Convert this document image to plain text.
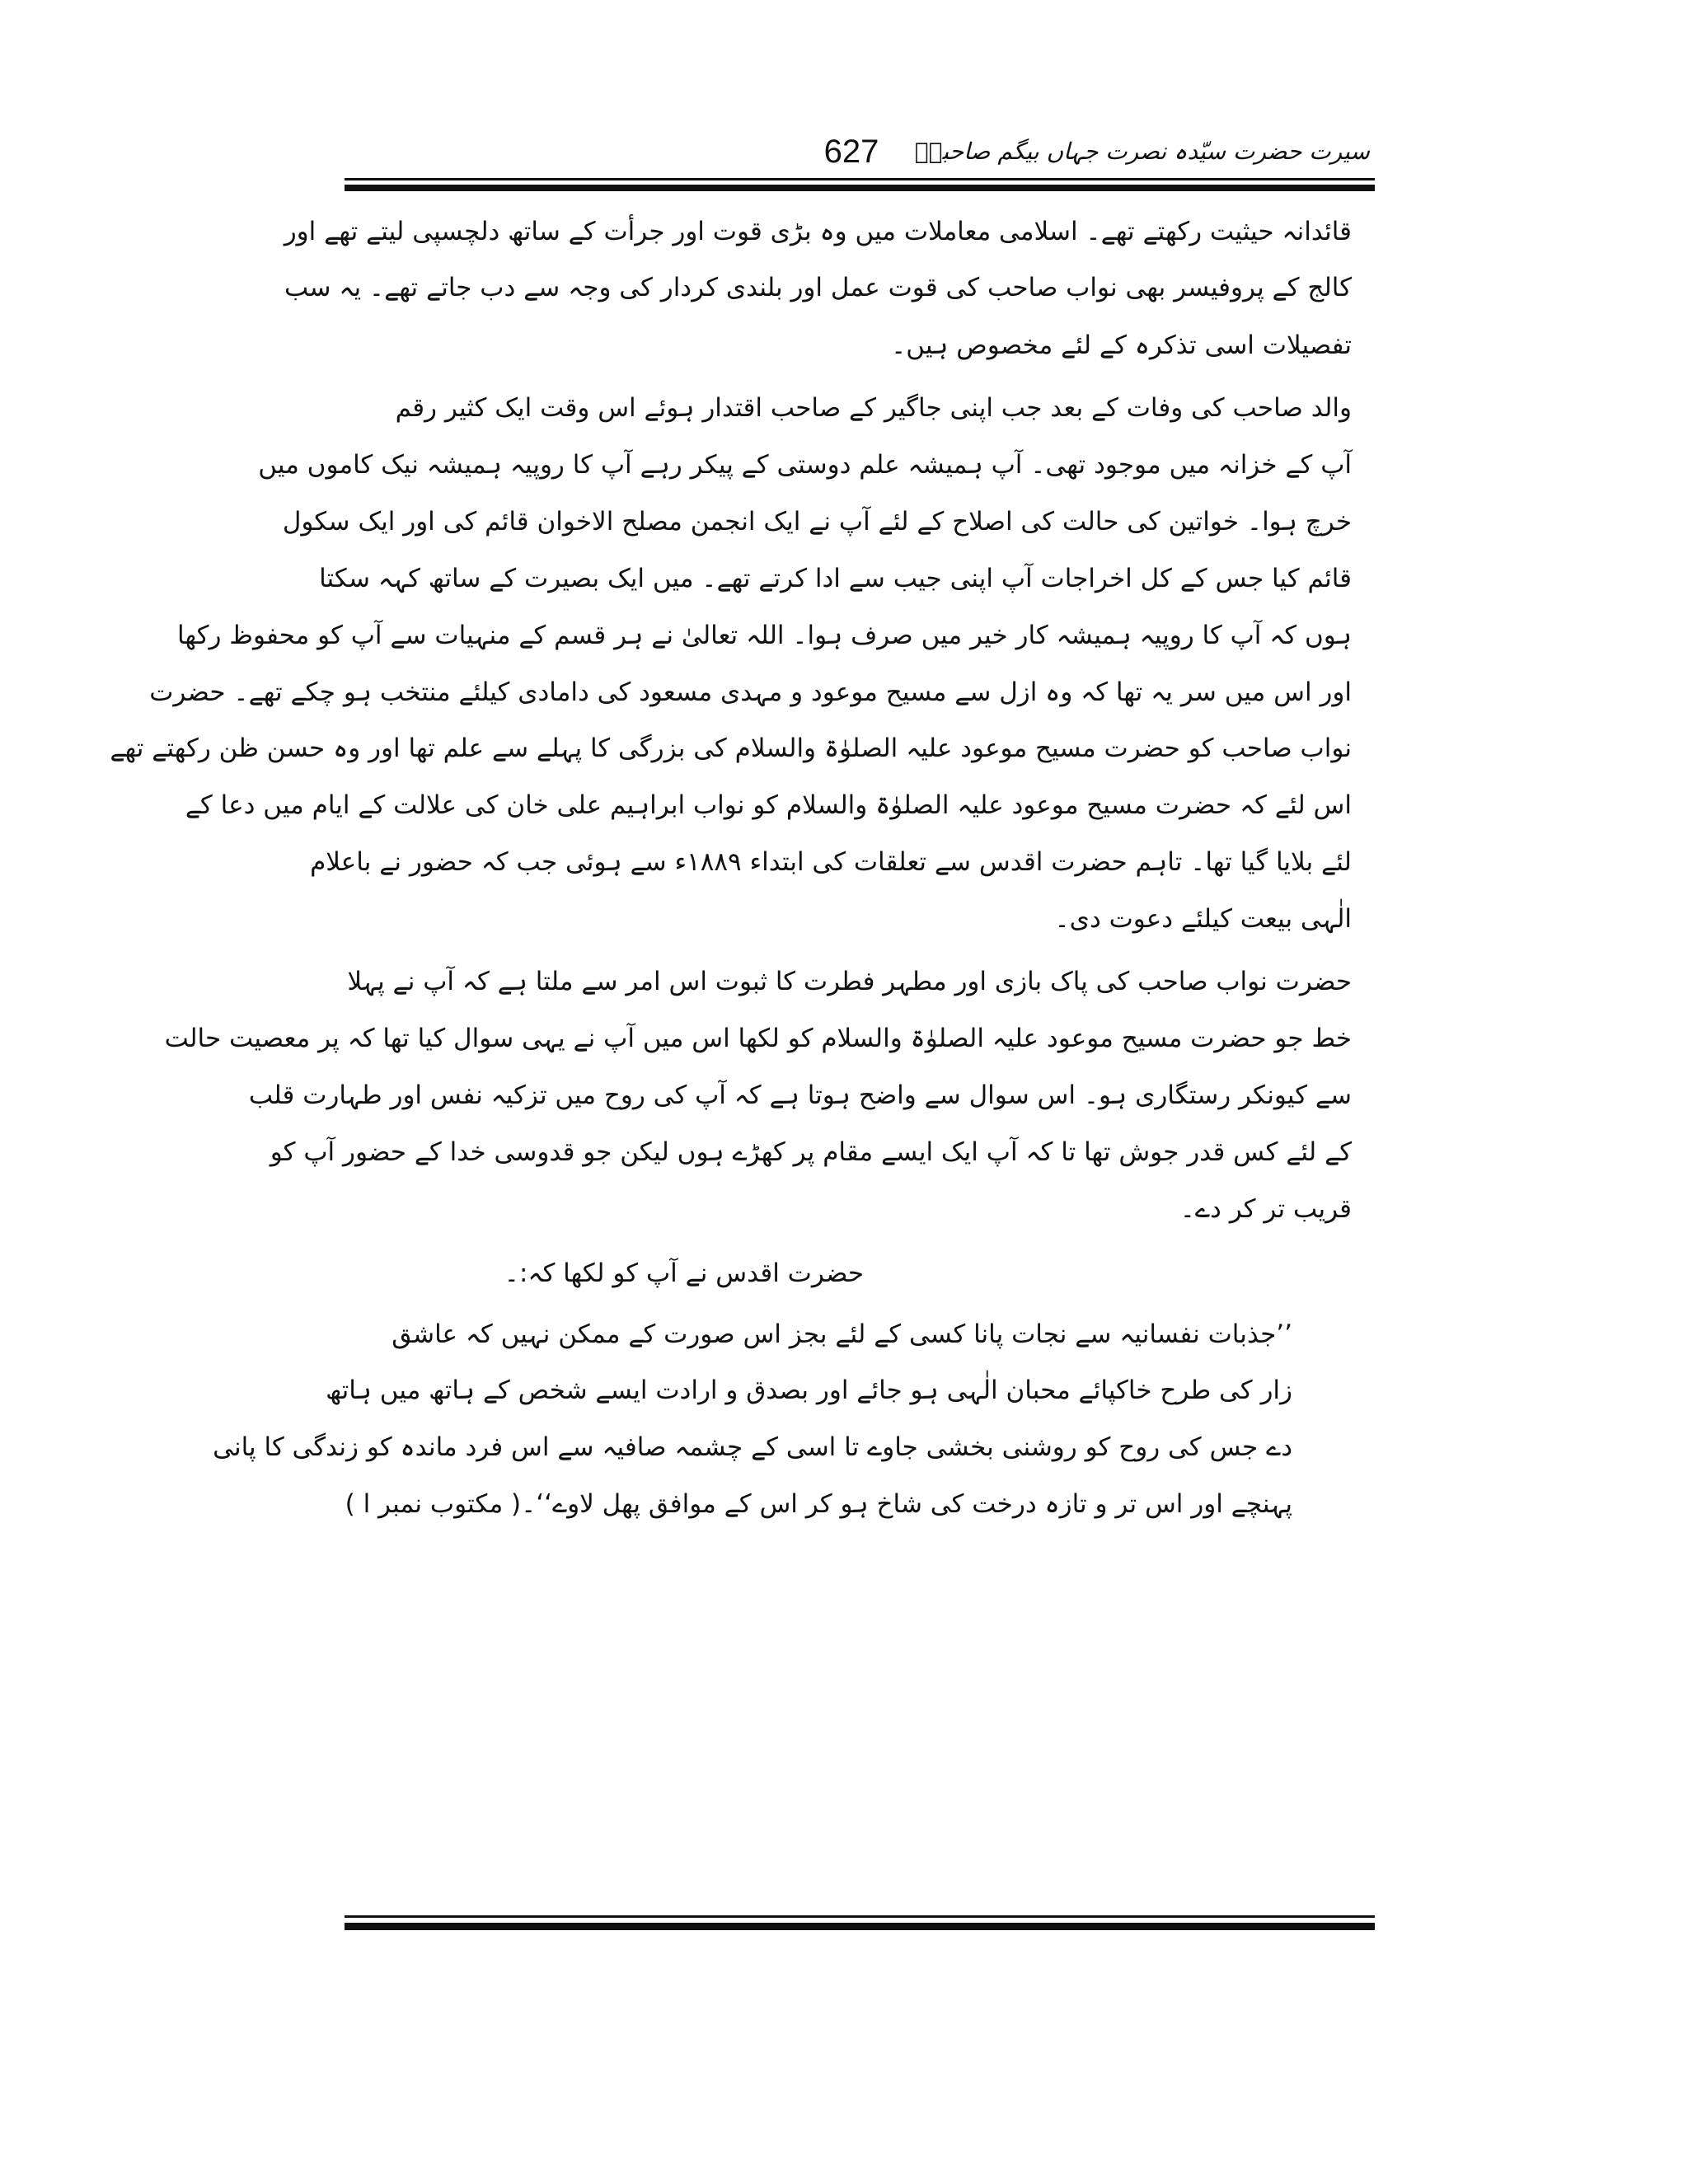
627	سیرت حضرت سیّدہ نصرت جہاں بیگم صاحبہؓ
قائدانہ حیثیت رکھتے تھے۔ اسلامی معاملات میں وہ بڑی قوت اور جرأت کے ساتھ دلچسپی لیتے تھے اور
کالج کے پروفیسر بھی نواب صاحب کی قوت عمل اور بلندی کردار کی وجہ سے دب جاتے تھے۔ یہ سب
تفصیلات اسی تذکرہ کے لئے مخصوص ہیں۔
والد صاحب کی وفات کے بعد جب اپنی جاگیر کے صاحب اقتدار ہوئے اس وقت ایک کثیر رقم
آپ کے خزانہ میں موجود تھی۔ آپ ہمیشہ علم دوستی کے پیکر رہے آپ کا روپیہ ہمیشہ نیک کاموں میں
خرچ ہوا۔ خواتین کی حالت کی اصلاح کے لئے آپ نے ایک انجمن مصلح الاخوان قائم کی اور ایک سکول
قائم کیا جس کے کل اخراجات آپ اپنی جیب سے ادا کرتے تھے۔ میں ایک بصیرت کے ساتھ کہہ سکتا
ہوں کہ آپ کا روپیہ ہمیشہ کار خیر میں صرف ہوا۔ اللہ تعالیٰ نے ہر قسم کے منہیات سے آپ کو محفوظ رکھا
اور اس میں سر یہ تھا کہ وہ ازل سے مسیح موعود و مہدی مسعود کی دامادی کیلئے منتخب ہو چکے تھے۔ حضرت
نواب صاحب کو حضرت مسیح موعود علیہ الصلوٰۃ والسلام کی بزرگی کا پہلے سے علم تھا اور وہ حسن ظن رکھتے تھے
اس لئے کہ حضرت مسیح موعود علیہ الصلوٰۃ والسلام کو نواب ابراہیم علی خان کی علالت کے ایام میں دعا کے
لئے بلایا گیا تھا۔ تاہم حضرت اقدس سے تعلقات کی ابتداء ۱۸۸۹ء سے ہوئی جب کہ حضور نے باعلام
الٰہی بیعت کیلئے دعوت دی۔
حضرت نواب صاحب کی پاک بازی اور مطہر فطرت کا ثبوت اس امر سے ملتا ہے کہ آپ نے پہلا
خط جو حضرت مسیح موعود علیہ الصلوٰۃ والسلام کو لکھا اس میں آپ نے یہی سوال کیا تھا کہ پر معصیت حالت
سے کیونکر رستگاری ہو۔ اس سوال سے واضح ہوتا ہے کہ آپ کی روح میں تزکیہ نفس اور طہارت قلب
کے لئے کس قدر جوش تھا تا کہ آپ ایک ایسے مقام پر کھڑے ہوں لیکن جو قدوسی خدا کے حضور آپ کو
قریب تر کر دے۔
حضرت اقدس نے آپ کو لکھا کہ:۔
’’جذبات نفسانیہ سے نجات پانا کسی کے لئے بجز اس صورت کے ممکن نہیں کہ عاشق
زار کی طرح خاکپائے محبان الٰہی ہو جائے اور بصدق و ارادت ایسے شخص کے ہاتھ میں ہاتھ
دے جس کی روح کو روشنی بخشی جاوے تا اسی کے چشمہ صافیہ سے اس فرد ماندہ کو زندگی کا پانی
پہنچے اور اس تر و تازہ درخت کی شاخ ہو کر اس کے موافق پھل لاوے‘‘۔( مکتوب نمبر ا )
